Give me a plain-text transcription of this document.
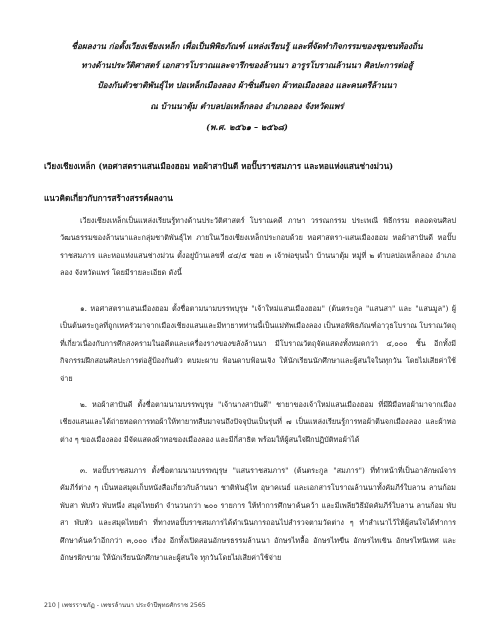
ชื่อผลงาน ก่อตั้งเวียงเชียงเหล็ก เพื่อเป็นพิพิธภัณฑ์ แหล่งเรียนรู้ และที่จัดทำกิจกรรมของชุมชนท้องถิ่น
ทางด้านประวัติศาสตร์ เอกสารโบราณและจารึกของล้านนา อารูรโบราณล้านนา ศิลปะการต่อสู้
ป้องกันตัวชาติพันธุ์ไท ปอเหล็กเมืองลอง ผ้าซิ่นตีนจก ผ้าทอเมืองลอง และคนตรีล้านนา
ณ บ้านนาตุ้ม ตำบลบ่อเหล็กลอง อำเภอลอง จังหวัดแพร่
(พ.ศ. ๒๕๖๑ – ๒๕๖๘)
เวียงเชียงเหล็ก (หอศาสตราแสนเมืองฮอม หอผ้าสาปันดี หอปั๊บราชสมภาร และหอแห่งแสนช่างม่วน)
แนวคิดเกี่ยวกับการสร้างสรรค์ผลงาน
เวียงเชียงเหล็กเป็นแหล่งเรียนรู้ทางด้านประวัติศาสตร์ โบราณคดี ภาษา วรรณกรรม ประเพณี พิธีกรรม ตลอดจนศิลปวัฒนธรรมของล้านนาและกลุ่มชาติพันธุ์ไท ภายในเวียงเชียงเหล็กประกอบด้วย หอศาสตรา-แสนเมืองฮอม หอผ้าสาปันดี หอปั๊บราชสมภาร และหอแห่งแสนช่างม่วน ตั้งอยู่บ้านเลขที่ ๔๔/๕ ซอย ๓ เจ้าพ่อขุนน้ำ บ้านนาตุ้ม หมู่ที่ ๒ ตำบลบ่อเหล็กลอง อำเภอลอง จังหวัดแพร่ โดยมีรายละเอียด ดังนี้
๑. หอศาสตราแสนเมืองฮอม ตั้งชื่อตามนามบรรพบุรุษ "เจ้าใหม่แสนเมืองฮอม" (ต้นตระกูล "แสนสา" และ "แสนมูล") ผู้เป็นต้นตระกูลที่ถูกเทครัวมาจากเมืองเชียงแสนและมีทายาทท่านนี้เป็นแม่ทัพเมืองลอง เป็นหอพิพิธภัณฑ์อาวุธโบราณ โบราณวัตถุที่เกี่ยวเนื่องกับการศึกสงครามในอดีตและเครื่องรางของขลังล้านนา มีโบราณวัตถุจัดแสดงทั้งหมดกว่า ๔,๐๐๐ ชิ้น อีกทั้งมีกิจกรรมฝึกสอนศิลปะการต่อสู้ป้องกันตัว ตบมะผาบ ฟ้อนดาบฟ้อนเจิง ให้นักเรียนนักศึกษาและผู้สนใจในทุกวัน โดยไม่เสียค่าใช้จ่าย
๒. หอผ้าสาปันดี ตั้งชื่อตามนามบรรพบุรุษ "เจ้านางสาปันดี" ชายาของเจ้าใหม่แสนเมืองฮอม ที่มีฝีมือทอผ้ามาจากเมืองเชียงแสนและได้ถ่ายทอดการทอผ้าให้ทายาทสืบมาจนถึงปัจจุบันเป็นรุ่นที่ ๗ เป็นแหล่งเรียนรู้การทอผ้าตีนจกเมืองลอง และผ้าทอต่าง ๆ ของเมืองลอง มีจัดแสดงผ้าทอของเมืองลอง และมีกี่สาธิต พร้อมให้ผู้สนใจฝึกปฏิบัติทอผ้าได้
๓. หอปั๊บราชสมภาร ตั้งชื่อตามนามบรรพบุรุษ "แสนราชสมภาร" (ต้นตระกูล "สมภาร") ที่ทำหน้าที่เป็นอาลักษณ์จารคัมภีร์ต่าง ๆ เป็นหอสมุดเก็บหนังสือเกี่ยวกับล้านนา ชาติพันธุ์ไท อุษาคเนย์ และเอกสารโบราณล้านนาทั้งคัมภีร์ใบลาน ลานก้อม พับสา พับหัว พับหนึ่ง สมุดไทยดำ จำนวนกว่า ๒๐๐ รายการ ให้ทำการศึกษาค้นคว้า และมีเพลียวิธีมัดคัมภีร์ใบลาน ลานก้อม พับสา พับหัว และสมุดไทยดำ ที่ทางหอปั๊บราชสมภารได้ดำเนินการถอนไปสำรวจตามวัดต่าง ๆ ทำสำเนาไว้ให้ผู้สนใจได้ทำการศึกษาค้นคว้าอีกกว่า ๓,๐๐๐ เรื่อง อีกทั้งเปิดสอนอักษรธรรมล้านนา อักษรไทลื้อ อักษรไทขืน อักษรไทเขิน อักษรไทนิเทศ และอักษรฝักขาม ให้นักเรียนนักศึกษาและผู้สนใจ ทุกวันโดยไม่เสียค่าใช้จ่าย
210 | เพชรราชภัฏ - เพชรล้านนา ประจำปีพุทธศักราช 2565
